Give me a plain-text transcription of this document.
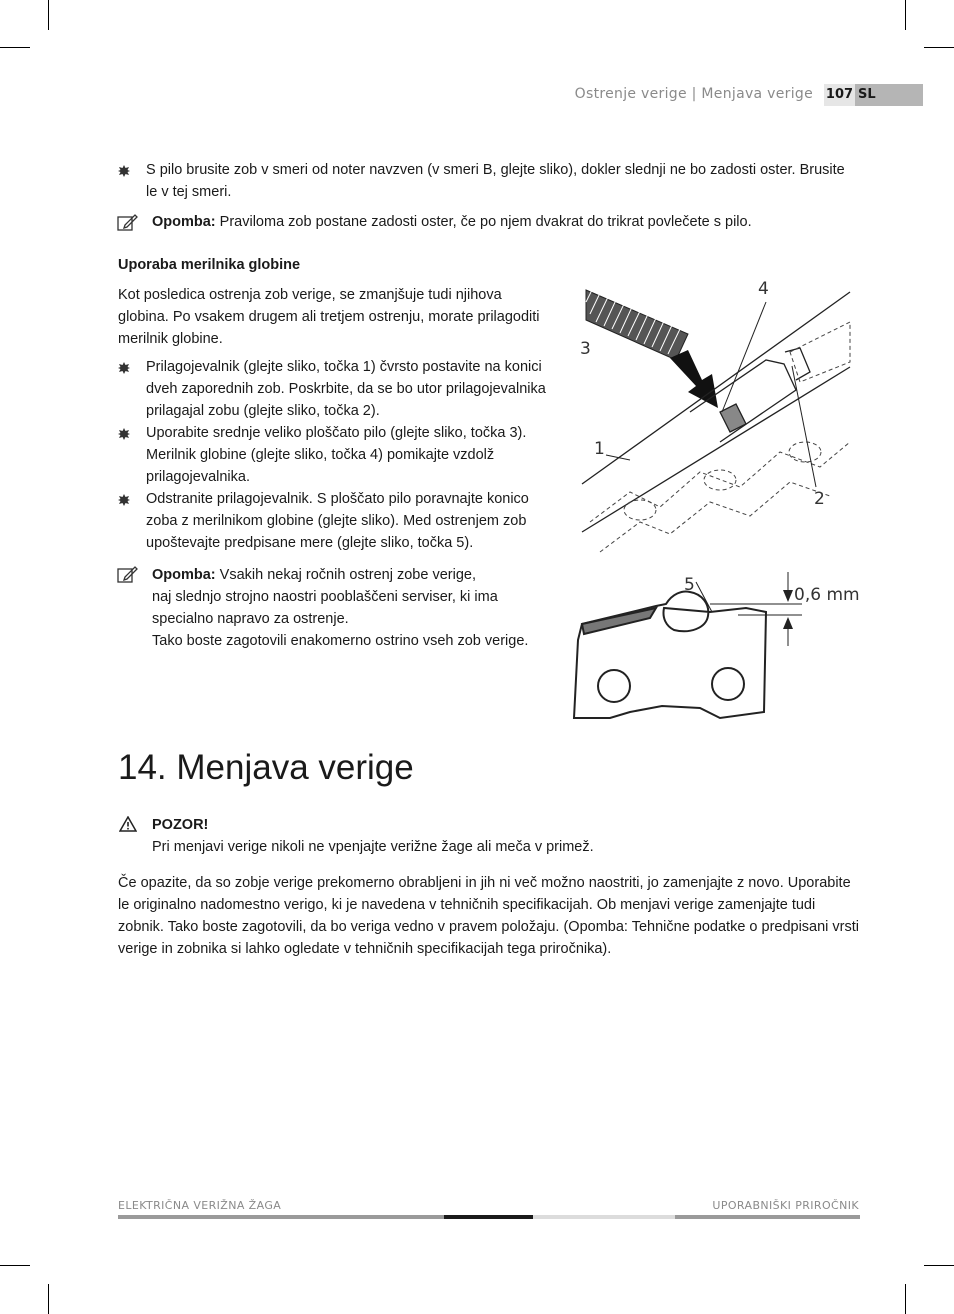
Ostrenje verige | Menjava verige 107 SL
S pilo brusite zob v smeri od noter navzven (v smeri B, glejte sliko), dokler slednji ne bo zadosti oster. Brusite le v tej smeri.
Opomba: Praviloma zob postane zadosti oster, če po njem dvakrat do trikrat povlečete s pilo.
Uporaba merilnika globine
Kot posledica ostrenja zob verige, se zmanjšuje tudi njihova globina. Po vsakem drugem ali tretjem ostrenju, morate prilagoditi merilnik globine.
Prilagojevalnik (glejte sliko, točka 1) čvrsto postavite na konici dveh zaporednih zob. Poskrbite, da se bo utor prilagojevalnika prilagajal zobu (glejte sliko, točka 2).
Uporabite srednje veliko ploščato pilo (glejte sliko, točka 3). Merilnik globine (glejte sliko, točka 4) pomikajte vzdolž prilagojevalnika.
Odstranite prilagojevalnik. S ploščato pilo poravnajte konico zoba z merilnikom globine (glejte sliko). Med ostrenjem zob upoštevajte predpisane mere (glejte sliko, točka 5).
Opomba: Vsakih nekaj ročnih ostrenj zobe verige,
naj slednjo strojno naostri pooblaščeni serviser, ki ima
specialno napravo za ostrenje.
Tako boste zagotovili enakomerno ostrino vseh zob verige.
4
3
1
2
5	0,6 mm
14. Menjava verige
POZOR!
Pri menjavi verige nikoli ne vpenjajte verižne žage ali meča v primež.
Če opazite, da so zobje verige prekomerno obrabljeni in jih ni več možno naostriti, jo zamenjajte z novo. Uporabite le originalno nadomestno verigo, ki je navedena v tehničnih specifikacijah. Ob menjavi verige zamenjajte tudi zobnik. Tako boste zagotovili, da bo veriga vedno v pravem položaju. (Opomba: Tehnične podatke o predpisani vrsti verige in zobnika si lahko ogledate v tehničnih specifikacijah tega priročnika).
ELEKTRIČNA VERIŽNA ŽAGA	UPORABNIŠKI PRIROČNIK
